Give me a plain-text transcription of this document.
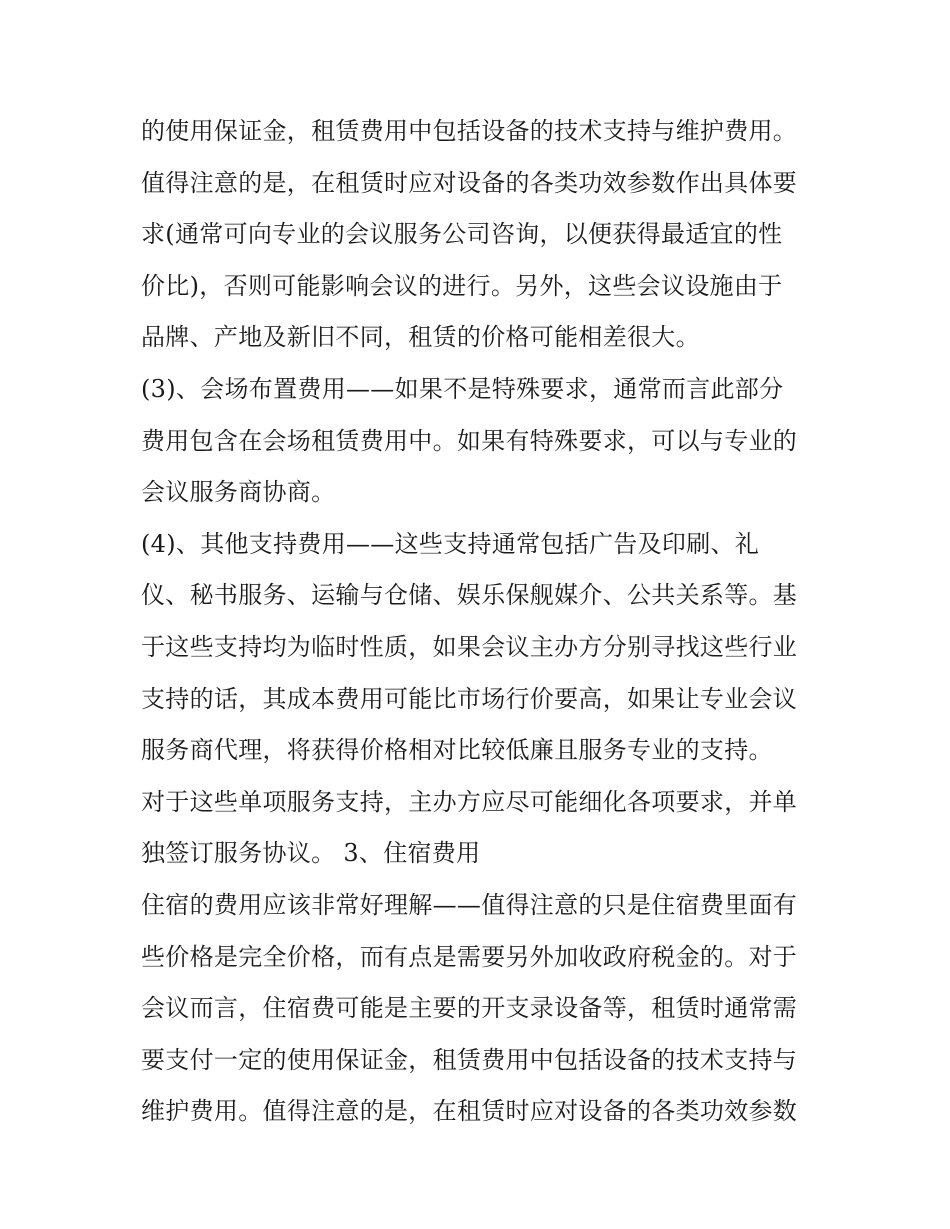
的使用保证金，租赁费用中包括设备的技术支持与维护费用。
值得注意的是，在租赁时应对设备的各类功效参数作出具体要
求(通常可向专业的会议服务公司咨询，以便获得最适宜的性
价比)，否则可能影响会议的进行。另外，这些会议设施由于
品牌、产地及新旧不同，租赁的价格可能相差很大。
(3)、会场布置费用——如果不是特殊要求，通常而言此部分
费用包含在会场租赁费用中。如果有特殊要求，可以与专业的
会议服务商协商。
(4)、其他支持费用——这些支持通常包括广告及印刷、礼
仪、秘书服务、运输与仓储、娱乐保舰媒介、公共关系等。基
于这些支持均为临时性质，如果会议主办方分别寻找这些行业
支持的话，其成本费用可能比市场行价要高，如果让专业会议
服务商代理，将获得价格相对比较低廉且服务专业的支持。
对于这些单项服务支持，主办方应尽可能细化各项要求，并单
独签订服务协议。 3、住宿费用
住宿的费用应该非常好理解——值得注意的只是住宿费里面有
些价格是完全价格，而有点是需要另外加收政府税金的。对于
会议而言，住宿费可能是主要的开支录设备等，租赁时通常需
要支付一定的使用保证金，租赁费用中包括设备的技术支持与
维护费用。值得注意的是，在租赁时应对设备的各类功效参数
